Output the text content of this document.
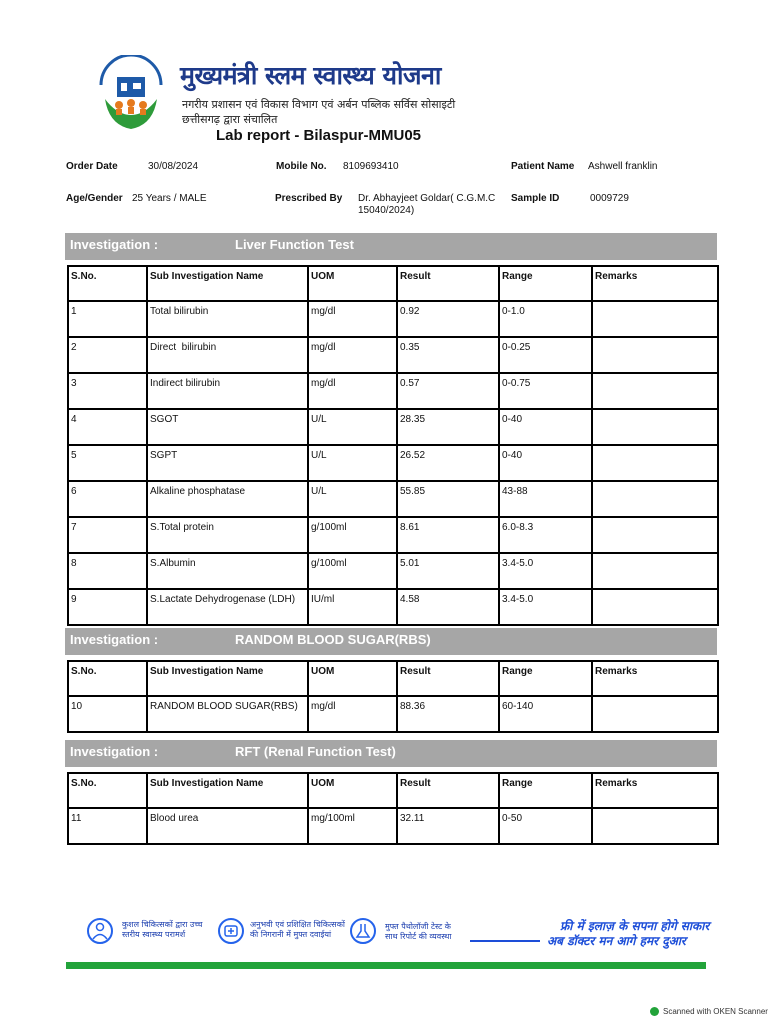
मुख्यमंत्री स्लम स्वास्थ्य योजना
नगरीय प्रशासन एवं विकास विभाग एवं अर्बन पब्लिक सर्विस सोसाइटी
छत्तीसगढ़ द्वारा संचालित
Lab report - Bilaspur-MMU05
Order Date	30/08/2024	Mobile No. 8109693410	Patient Name Ashwell franklin
Age/Gender 25 Years / MALE	Prescribed By Dr. Abhayjeet Goldar( C.G.M.C 15040/2024)
Sample ID	0009729
Investigation :	Liver Function Test
S.No.	Sub Investigation Name	UOM	Result	Range	Remarks
1	Total bilirubin	mg/dl	0.92	0-1.0	
2	Direct  bilirubin	mg/dl	0.35	0-0.25	
3	Indirect bilirubin	mg/dl	0.57	0-0.75	
4	SGOT	U/L	28.35	0-40	
5	SGPT	U/L	26.52	0-40	
6	Alkaline phosphatase	U/L	55.85	43-88	
7	S.Total protein	g/100ml	8.61	6.0-8.3	
8	S.Albumin	g/100ml	5.01	3.4-5.0	
9	S.Lactate Dehydrogenase (LDH)	IU/ml	4.58	3.4-5.0	
Investigation :	RANDOM BLOOD SUGAR(RBS)
S.No.	Sub Investigation Name	UOM	Result	Range	Remarks
10	RANDOM BLOOD SUGAR(RBS)	mg/dl	88.36	60-140	
Investigation :	RFT (Renal Function Test)
S.No.	Sub Investigation Name	UOM	Result	Range	Remarks
11	Blood urea	mg/100ml	32.11	0-50	
कुशल चिकित्सकों द्वारा उच्च स्तरीय स्वास्थ्य परामर्श
अनुभवी एवं प्रशिक्षित चिकित्सकों की निगरानी में मुफ्त दवाईयां
मुफ्त पैथोलॉजी टेस्ट के साथ रिपोर्ट की व्यवस्था
फ्री में इलाज़ के सपना होगे साकार
अब डॉक्टर मन आगे हमर दुआर
Scanned with OKEN Scanner
